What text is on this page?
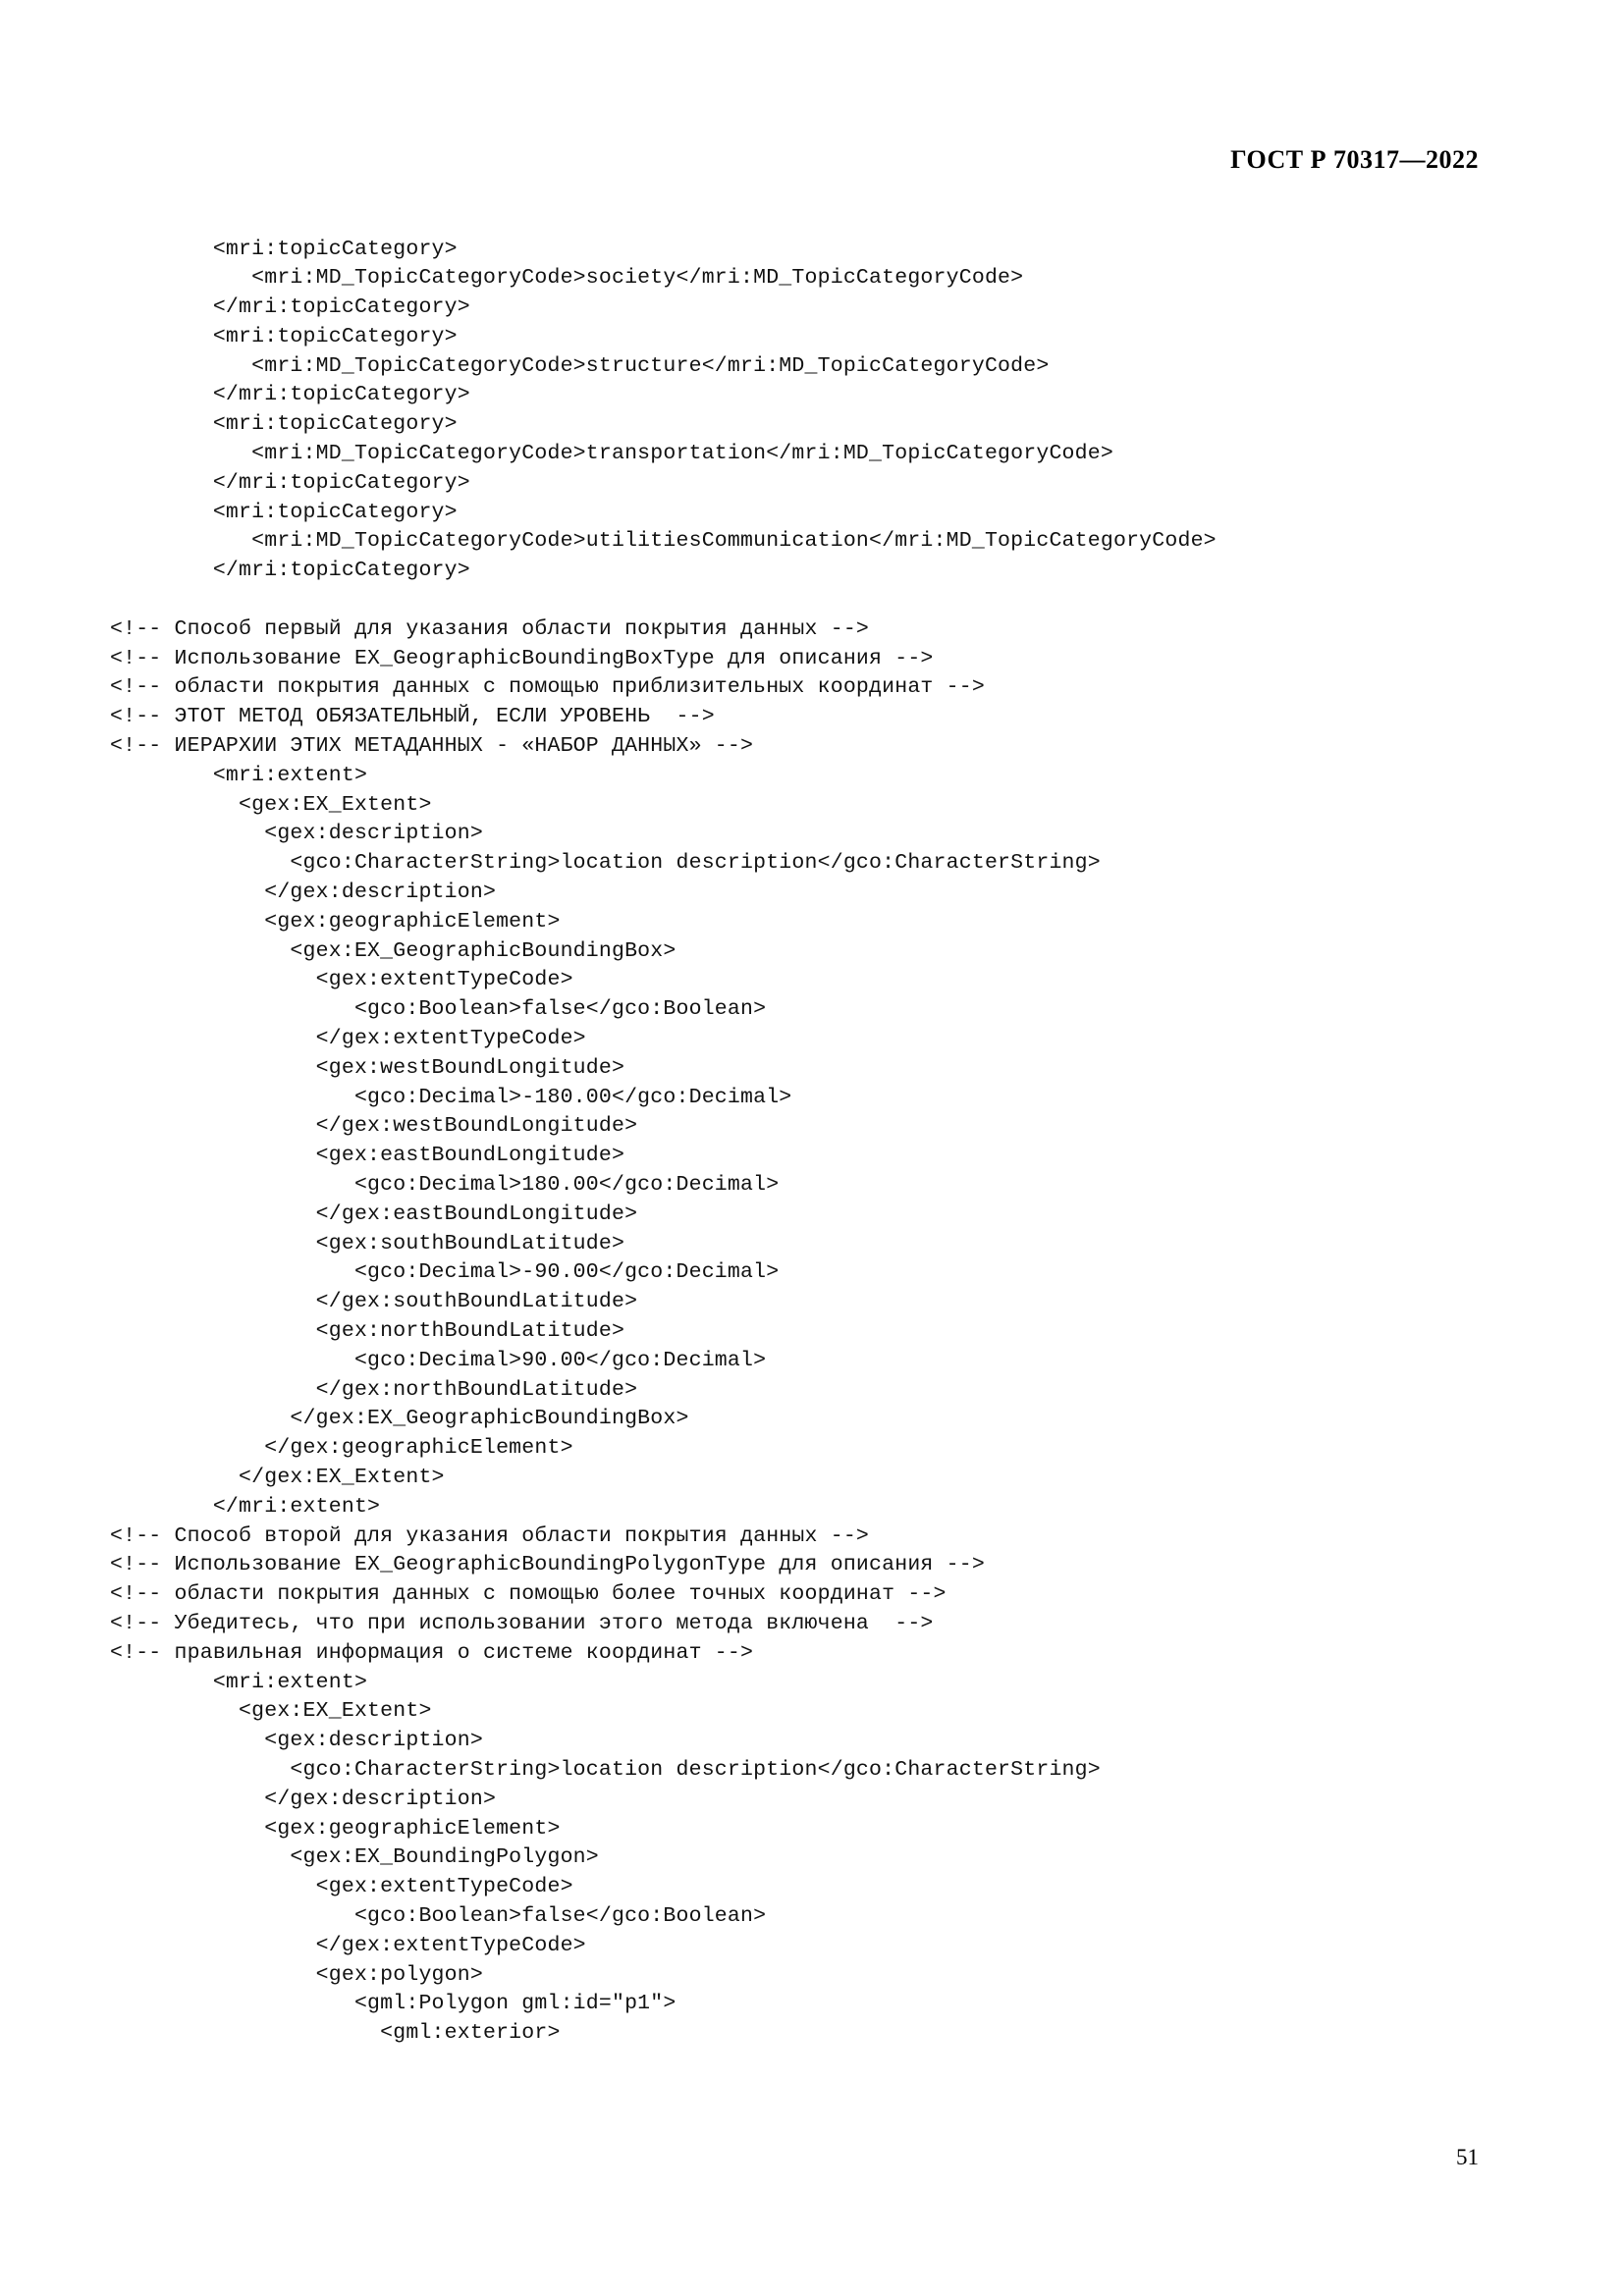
ГОСТ Р 70317—2022
<mri:topicCategory>
<mri:MD_TopicCategoryCode>society</mri:MD_TopicCategoryCode>
</mri:topicCategory>
<mri:topicCategory>
<mri:MD_TopicCategoryCode>structure</mri:MD_TopicCategoryCode>
</mri:topicCategory>
<mri:topicCategory>
<mri:MD_TopicCategoryCode>transportation</mri:MD_TopicCategoryCode>
</mri:topicCategory>
<mri:topicCategory>
<mri:MD_TopicCategoryCode>utilitiesCommunication</mri:MD_TopicCategoryCode>
</mri:topicCategory>

<!-- Способ первый для указания области покрытия данных -->
<!-- Использование EX_GeographicBoundingBoxType для описания -->
<!-- области покрытия данных с помощью приблизительных координат -->
<!-- ЭТОТ МЕТОД ОБЯЗАТЕЛЬНЫЙ, ЕСЛИ УРОВЕНЬ  -->
<!-- ИЕРАРХИИ ЭТИХ МЕТАДАННЫХ - «НАБОР ДАННЫХ» -->
<mri:extent>
<gex:EX_Extent>
<gex:description>
<gco:CharacterString>location description</gco:CharacterString>
</gex:description>
<gex:geographicElement>
<gex:EX_GeographicBoundingBox>
<gex:extentTypeCode>
<gco:Boolean>false</gco:Boolean>
</gex:extentTypeCode>
<gex:westBoundLongitude>
<gco:Decimal>-180.00</gco:Decimal>
</gex:westBoundLongitude>
<gex:eastBoundLongitude>
<gco:Decimal>180.00</gco:Decimal>
</gex:eastBoundLongitude>
<gex:southBoundLatitude>
<gco:Decimal>-90.00</gco:Decimal>
</gex:southBoundLatitude>
<gex:northBoundLatitude>
<gco:Decimal>90.00</gco:Decimal>
</gex:northBoundLatitude>
</gex:EX_GeographicBoundingBox>
</gex:geographicElement>
</gex:EX_Extent>
</mri:extent>
<!-- Способ второй для указания области покрытия данных -->
<!-- Использование EX_GeographicBoundingPolygonType для описания -->
<!-- области покрытия данных с помощью более точных координат -->
<!-- Убедитесь, что при использовании этого метода включена  -->
<!-- правильная информация о системе координат -->
<mri:extent>
<gex:EX_Extent>
<gex:description>
<gco:CharacterString>location description</gco:CharacterString>
</gex:description>
<gex:geographicElement>
<gex:EX_BoundingPolygon>
<gex:extentTypeCode>
<gco:Boolean>false</gco:Boolean>
</gex:extentTypeCode>
<gex:polygon>
<gml:Polygon gml:id="p1">
<gml:exterior>
51
